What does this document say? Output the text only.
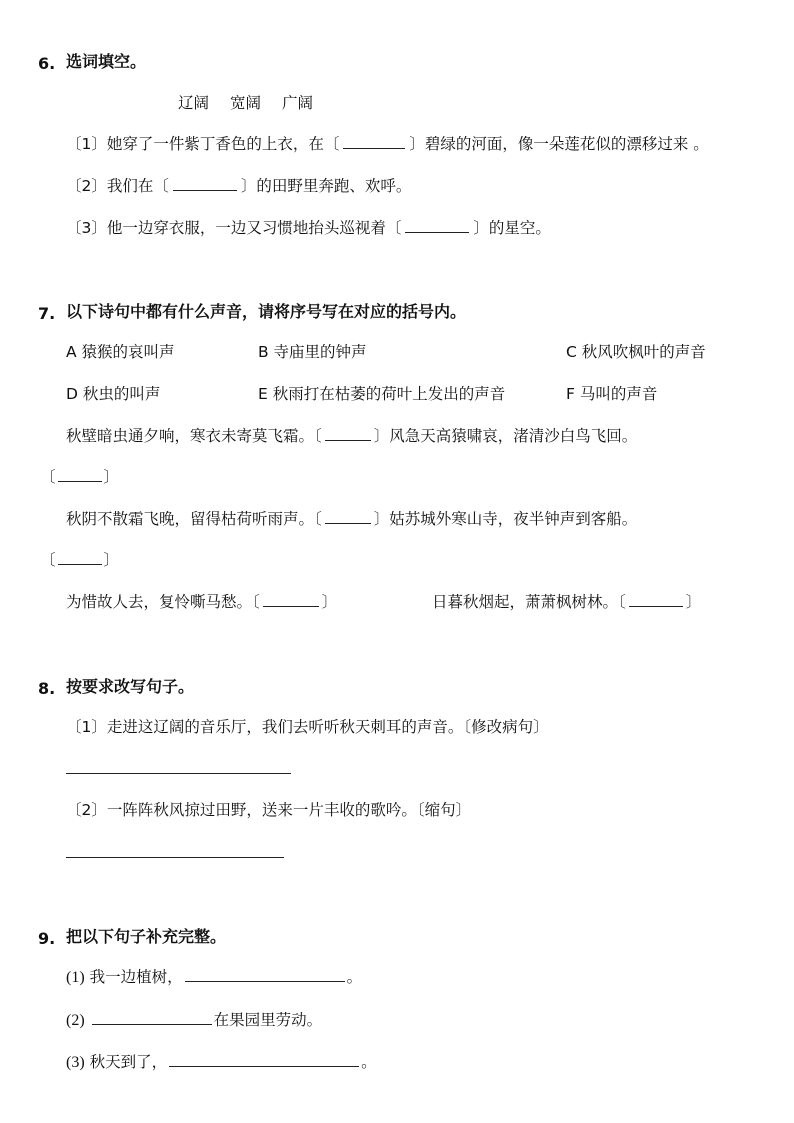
6. 选词填空。
辽阔 宽阔 广阔
〔1〕她穿了一件紫丁香色的上衣，在〔	〕碧绿的河面，像一朵莲花似的漂移过来 。
〔2〕我们在〔	〕的田野里奔跑、欢呼。
〔3〕他一边穿衣服，一边又习惯地抬头巡视着〔	〕的星空。
7. 以下诗句中都有什么声音，请将序号写在对应的括号内。
A 猿猴的哀叫声	B 寺庙里的钟声	C 秋风吹枫叶的声音
D 秋虫的叫声	E 秋雨打在枯萎的荷叶上发出的声音	F 马叫的声音
秋壁暗虫通夕响，寒衣未寄莫飞霜。〔	〕风急天高猿啸哀，渚清沙白鸟飞回。
〔	〕
秋阴不散霜飞晚，留得枯荷听雨声。〔	〕姑苏城外寒山寺，夜半钟声到客船。
〔	〕
为惜故人去，复怜嘶马愁。〔	〕	日暮秋烟起，萧萧枫树林。〔	〕
8. 按要求改写句子。
〔1〕走进这辽阔的音乐厅，我们去听听秋天刺耳的声音。〔修改病句〕
〔2〕一阵阵秋风掠过田野，送来一片丰收的歌吟。〔缩句〕
9. 把以下句子补充完整。
(1) 我一边植树，	。
(2)	在果园里劳动。
(3) 秋天到了，	。
